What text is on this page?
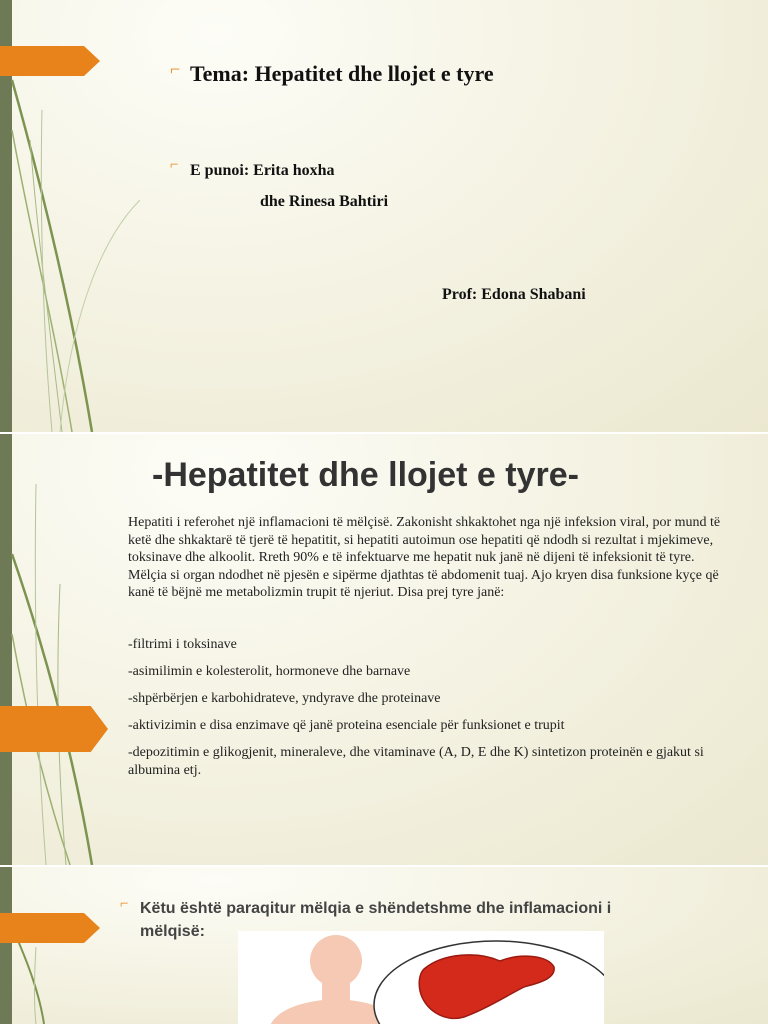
⌐ Tema: Hepatitet dhe llojet e tyre
⌐ E punoi: Erita hoxha
dhe Rinesa Bahtiri
Prof: Edona Shabani
-Hepatitet dhe llojet e tyre-

Hepatiti i referohet një inflamacioni të mëlçisë. Zakonisht shkaktohet nga një infeksion viral, por mund të ketë dhe shkaktarë të tjerë të hepatitit, si hepatiti autoimun ose hepatiti që ndodh si rezultat i mjekimeve, toksinave dhe alkoolit. Rreth 90% e të infektuarve me hepatit nuk janë në dijeni të infeksionit të tyre. Mëlçia si organ ndodhet në pjesën e sipërme djathtas të abdomenit tuaj. Ajo kryen disa funksione kyçe që kanë të bëjnë me metabolizmin trupit të njeriut. Disa prej tyre janë:

-filtrimi i toksinave
-asimilimin e kolesterolit, hormoneve dhe barnave
-shpërbërjen e karbohidrateve, yndyrave dhe proteinave
-aktivizimin e disa enzimave që janë proteina esenciale për funksionet e trupit
-depozitimin e glikogjenit, mineraleve, dhe vitaminave (A, D, E dhe K) sintetizon proteinën e gjakut si albumina etj.
⌐ Këtu është paraqitur mëlqia e shëndetshme dhe inflamacioni i mëlqisë:
